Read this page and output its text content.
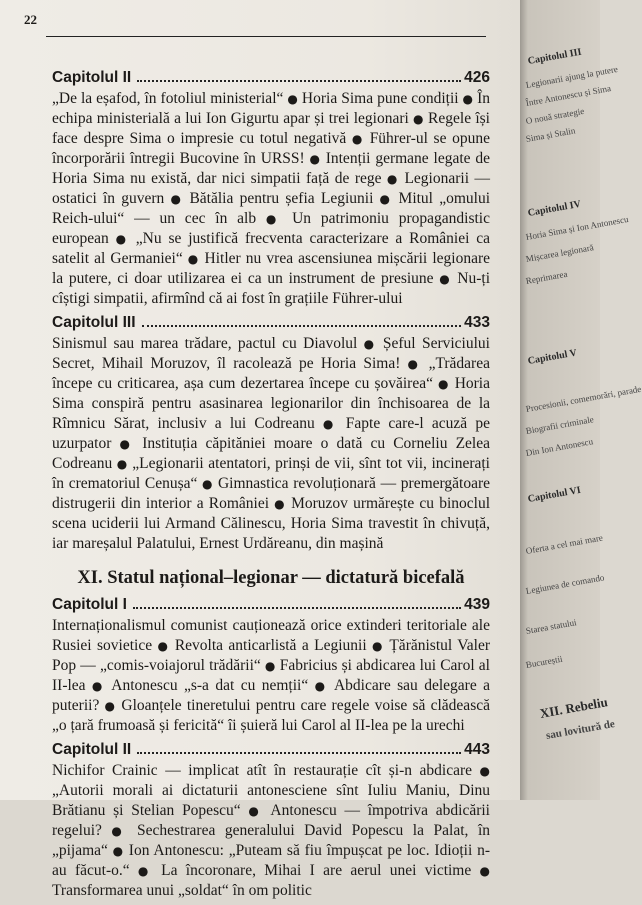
22
Capitolul II	426
„De la eșafod, în fotoliul ministerial“ ● Horia Sima pune condiții ● În echipa ministerială a lui Ion Gigurtu apar și trei legionari ● Regele își face despre Sima o impresie cu totul negativă ● Führer-ul se opune încorporării întregii Bucovine în URSS! ● Intenții germane legate de Horia Sima nu există, dar nici simpatii față de rege ● Legionarii — ostatici în guvern ● Bătălia pentru șefia Legiunii ● Mitul „omului Reich-ului“ — un cec în alb ● Un patrimoniu propagandistic european ● „Nu se justifică frecventa caracterizare a României ca satelit al Germaniei“ ● Hitler nu vrea ascensiunea mișcării legionare la putere, ci doar utilizarea ei ca un instrument de presiune ● Nu-ți cîștigi simpatii, afirmînd că ai fost în grațiile Führer-ului
Capitolul III	433
Sinismul sau marea trădare, pactul cu Diavolul ● Șeful Serviciului Secret, Mihail Moruzov, îl racolează pe Horia Sima! ● „Trădarea începe cu criticarea, așa cum dezertarea începe cu șovăirea“ ● Horia Sima conspiră pentru asasinarea legionarilor din închisoarea de la Rîmnicu Sărat, inclusiv a lui Codreanu ● Fapte care-l acuză pe uzurpator ● Instituția căpităniei moare o dată cu Corneliu Zelea Codreanu ● „Legionarii atentatori, prinși de vii, sînt tot vii, incinerați în crematoriul Cenușa“ ● Gimnastica revoluționară — premergătoare distrugerii din interior a României ● Moruzov urmărește cu binoclul scena uciderii lui Armand Călinescu, Horia Sima travestit în chivuță, iar mareșalul Palatului, Ernest Urdăreanu, din mașină
XI. Statul național–legionar — dictatură bicefală
Capitolul I	439
Internaționalismul comunist cauționează orice extinderi teritoriale ale Rusiei sovietice ● Revolta anticarlistă a Legiunii ● Țărănistul Valer Pop — „comis-voiajorul trădării“ ● Fabricius și abdicarea lui Carol al II-lea ● Antonescu „s-a dat cu nemții“ ● Abdicare sau delegare a puterii? ● Gloanțele tineretului pentru care regele voise să clădească „o țară frumoasă și fericită“ îi șuieră lui Carol al II-lea pe la urechi
Capitolul II	443
Nichifor Crainic — implicat atît în restaurație cît și-n abdicare ● „Autorii morali ai dictaturii antonesciene sînt Iuliu Maniu, Dinu Brătianu și Stelian Popescu“ ● Antonescu — împotriva abdicării regelui? ● Sechestrarea generalului David Popescu la Palat, în „pijama“ ● Ion Antonescu: „Puteam să fiu împușcat pe loc. Idioții n-au făcut-o.“ ● La încoronare, Mihai I are aerul unei victime ● Transformarea unui „soldat“ în om politic
Capitolul III
Legionarii ajung la putere
Între Antonescu și Sima
O nouă strategie
Sima și Stalin
Capitolul IV
Horia Sima și Ion Antonescu
Mișcarea legionară
Reprimarea
Capitolul V
Procesionii, comemorări, parade
Biografii criminale
Din Ion Antonescu
Capitolul VI
Oferta a cel mai mare
Legiunea de comando
Starea statului
Bucureștii
XII. Rebeliu
sau lovitură de
